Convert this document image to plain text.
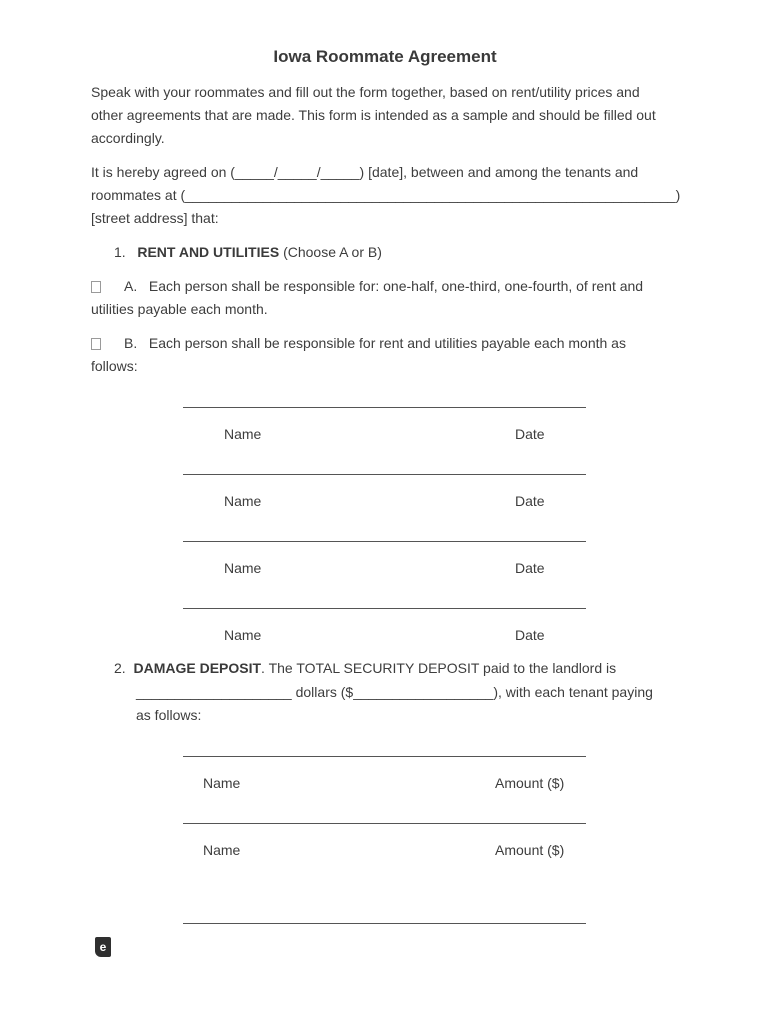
Iowa Roommate Agreement
Speak with your roommates and fill out the form together, based on rent/utility prices and
other agreements that are made. This form is intended as a sample and should be filled out
accordingly.
It is hereby agreed on (_____/_____/_____) [date], between and among the tenants and
roommates at (_______________________________________________________________)
[street address] that:
1. RENT AND UTILITIES (Choose A or B)
A.   Each person shall be responsible for: one-half, one-third, one-fourth, of rent and
utilities payable each month.
B.   Each person shall be responsible for rent and utilities payable each month as
follows:
Name	Date
Name	Date
Name	Date
Name	Date
2. DAMAGE DEPOSIT. The TOTAL SECURITY DEPOSIT paid to the landlord is
____________________ dollars ($__________________), with each tenant paying
as follows:
Name	Amount ($)
Name	Amount ($)
e
